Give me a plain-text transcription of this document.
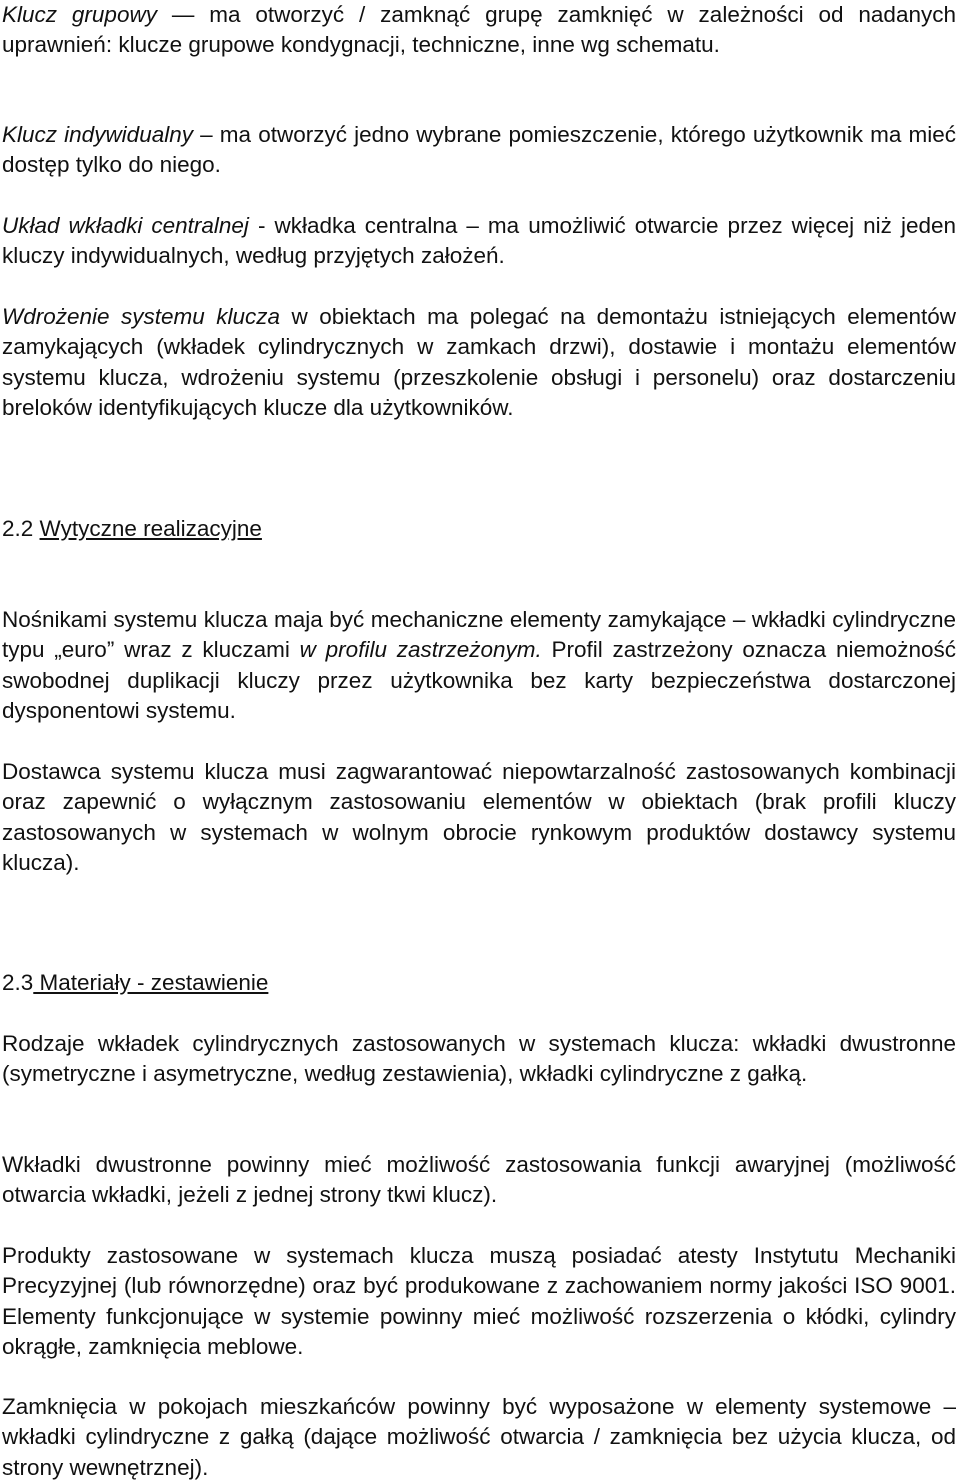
Klucz grupowy — ma otworzyć / zamknąć grupę zamknięć w zależności od nadanych uprawnień: klucze grupowe kondygnacji, techniczne, inne wg schematu.

Klucz indywidualny – ma otworzyć jedno wybrane pomieszczenie, którego użytkownik ma mieć dostęp tylko do niego.

Układ wkładki centralnej - wkładka centralna – ma umożliwić otwarcie przez więcej niż jeden kluczy indywidualnych, według przyjętych założeń.

Wdrożenie systemu klucza w obiektach ma polegać na demontażu istniejących elementów zamykających (wkładek cylindrycznych w zamkach drzwi), dostawie i montażu elementów systemu klucza, wdrożeniu systemu (przeszkolenie obsługi i personelu) oraz dostarczeniu breloków identyfikujących klucze dla użytkowników.

2.2 Wytyczne realizacyjne

Nośnikami systemu klucza maja być mechaniczne elementy zamykające – wkładki cylindryczne typu „euro” wraz z kluczami w profilu zastrzeżonym. Profil zastrzeżony oznacza niemożność swobodnej duplikacji kluczy przez użytkownika bez karty bezpieczeństwa dostarczonej dysponentowi systemu.

Dostawca systemu klucza musi zagwarantować niepowtarzalność zastosowanych kombinacji oraz zapewnić o wyłącznym zastosowaniu elementów w obiektach (brak profili kluczy zastosowanych w systemach w wolnym obrocie rynkowym produktów dostawcy systemu klucza).

2.3 Materiały - zestawienie

Rodzaje wkładek cylindrycznych zastosowanych w systemach klucza: wkładki dwustronne (symetryczne i asymetryczne, według zestawienia), wkładki cylindryczne z gałką.

Wkładki dwustronne powinny mieć możliwość zastosowania funkcji awaryjnej (możliwość otwarcia wkładki, jeżeli z jednej strony tkwi klucz).

Produkty zastosowane w systemach klucza muszą posiadać atesty Instytutu Mechaniki Precyzyjnej (lub równorzędne) oraz być produkowane z zachowaniem normy jakości ISO 9001. Elementy funkcjonujące w systemie powinny mieć możliwość rozszerzenia o kłódki, cylindry okrągłe, zamknięcia meblowe.

Zamknięcia w pokojach mieszkańców powinny być wyposażone w elementy systemowe – wkładki cylindryczne z gałką (dające możliwość otwarcia / zamknięcia bez użycia klucza, od strony wewnętrznej).
